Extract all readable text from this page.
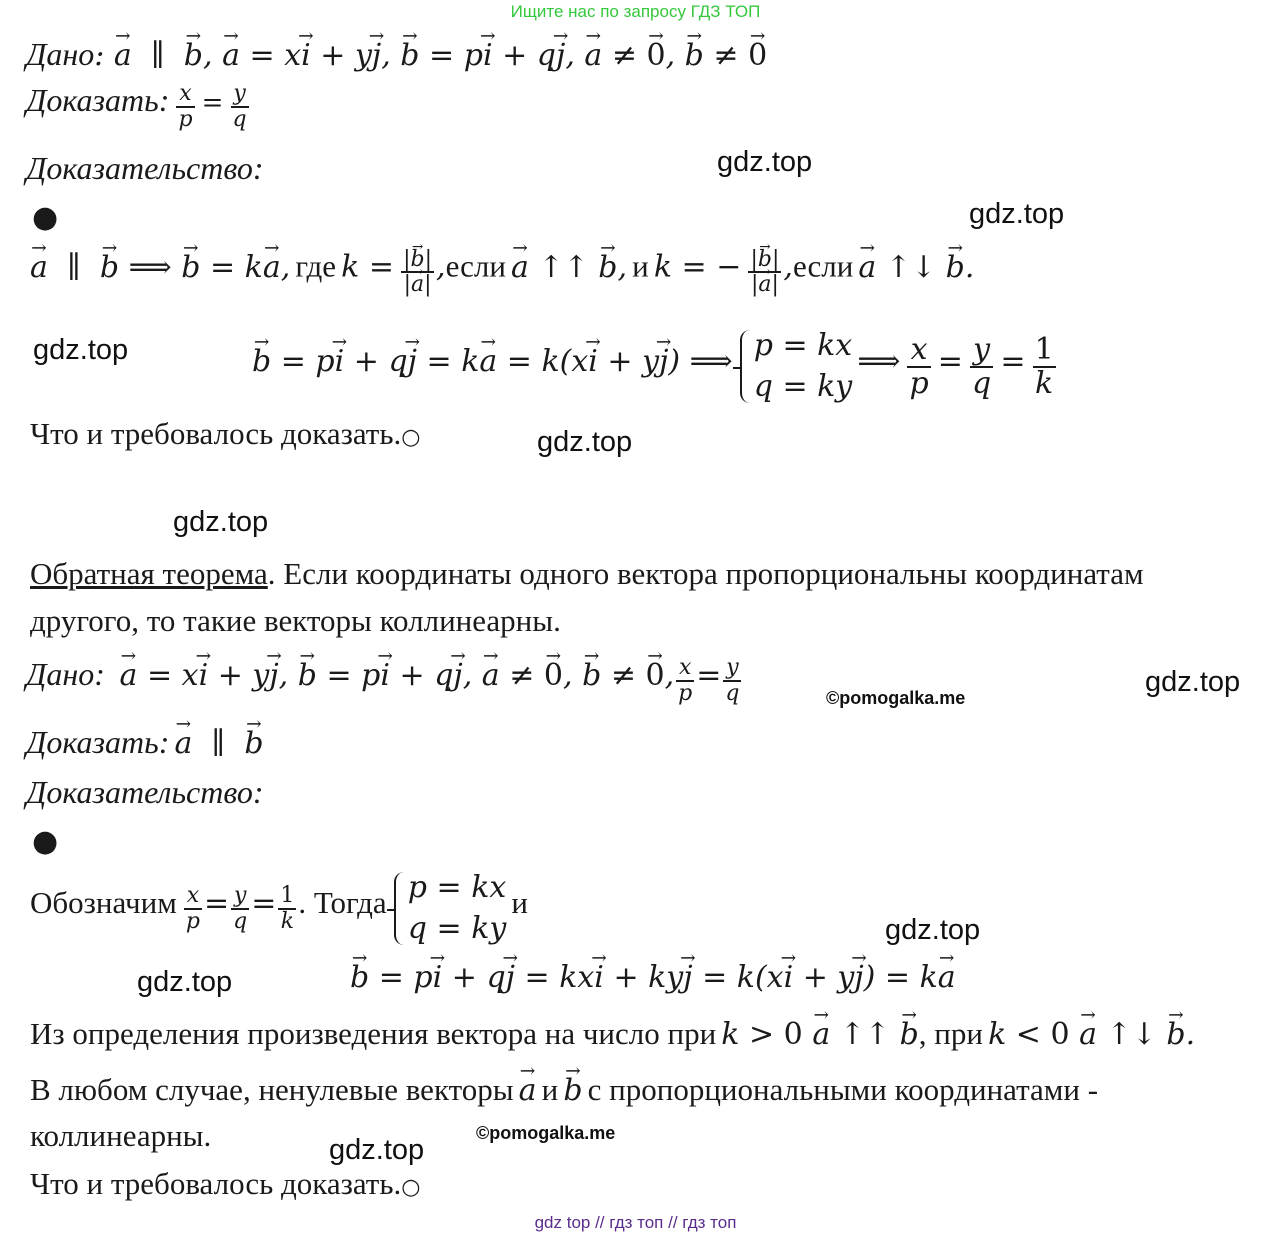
Ищите нас по запросу ГДЗ ТОП
Дано: → a  ∥  → b, → a = x→ i + y→ j, → b = p→ i + q→ j, → a ≠ → 0, → b ≠ → 0
Доказать: $\frac{x}{p} = \frac{y}{q}$
Доказательство:	gdz.top
●	gdz.top
→ a  ∥  → b ⟹ → b = k→ a, где $k = \frac{|\to b|}{|\to a|}$ ,если → a ↑↑ → b, и k = − $\frac{|\to b|}{|\to a|}$ ,если → a ↑↓ → b.
gdz.top	→ b = p→ i + q→ j = k→ a = k(x→ i + y→ j) ⟹ p = kx
q = ky
⟹ $\frac{x}{p} = \frac{y}{q} = \frac{1}{k}$
Что и требовалось доказать.○	gdz.top
gdz.top
Обратная теорема. Если координаты одного вектора пропорциональны координатам
другого, то такие векторы коллинеарны.
Дано: → a = x→ i + y→ j, → b = p→ i + q→ j, → a ≠ → 0, → b ≠ → 0, $\frac{x}{p} = \frac{y}{q}$	©pomogalka.me	gdz.top
Доказать: → a  ∥  → b
Доказательство:
●
Обозначим $\frac{x}{p} = \frac{y}{q} = \frac{1}{k}$ . Тогда p = kx
q = ky
и
gdz.top
gdz.top	→ b = p→ i + q→ j = kx→ i + ky→ j = k(x→ i + y→ j) = k→ a
Из определения произведения вектора на число при k > 0 → a ↑↑ → b, при k < 0 → a ↑↓ → b.
В любом случае, ненулевые векторы → a и → b с пропорциональными координатами -
коллинеарны.	©pomogalka.me
gdz.top
Что и требовалось доказать.○
gdz top // гдз топ // гдз топ
